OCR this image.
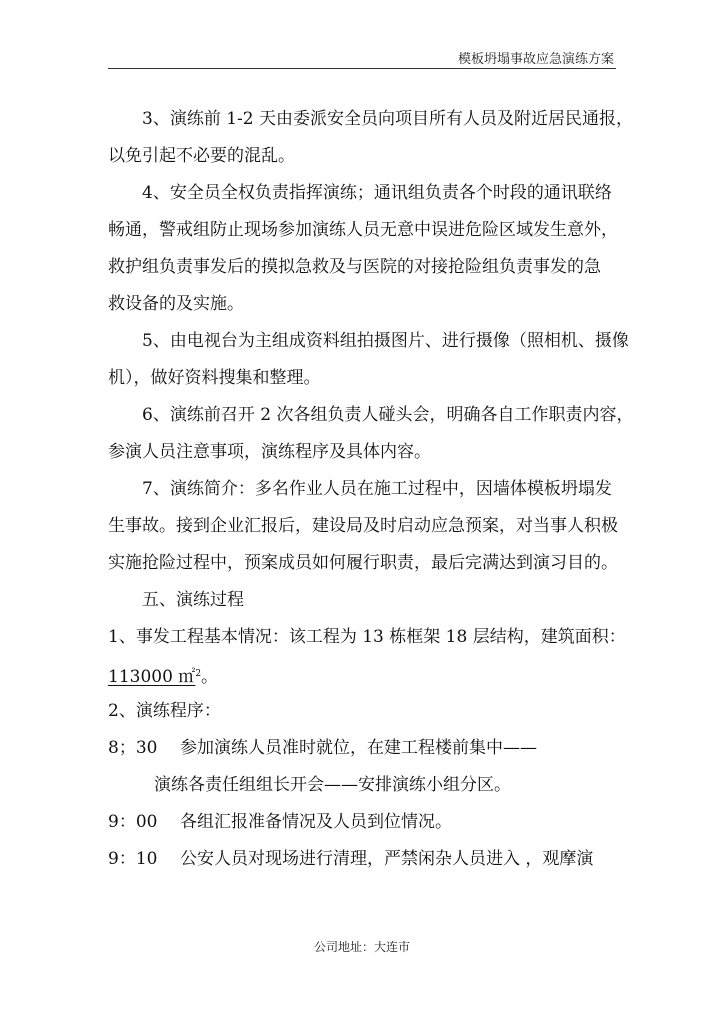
模板坍塌事故应急演练方案
3、演练前 1-2 天由委派安全员向项目所有人员及附近居民通报，
以免引起不必要的混乱。
4、安全员全权负责指挥演练；通讯组负责各个时段的通讯联络
畅通，警戒组防止现场参加演练人员无意中误进危险区域发生意外，
救护组负责事发后的摸拟急救及与医院的对接抢险组负责事发的急
救设备的及实施。
5、由电视台为主组成资料组拍摄图片、进行摄像（照相机、摄像
机），做好资料搜集和整理。
6、演练前召开 2 次各组负责人碰头会，明确各自工作职责内容，
参演人员注意事项，演练程序及具体内容。
7、演练简介：多名作业人员在施工过程中，因墙体模板坍塌发
生事故。接到企业汇报后，建设局及时启动应急预案，对当事人积极
实施抢险过程中，预案成员如何履行职责，最后完满达到演习目的。
五、演练过程
1、事发工程基本情况：该工程为 13 栋框架 18 层结构，建筑面积：
113000 ㎡$^2$。
2、演练程序：
8；30 参加演练人员准时就位，在建工程楼前集中——
演练各责任组组长开会——安排演练小组分区。
9：00 各组汇报准备情况及人员到位情况。
9：10 公安人员对现场进行清理，严禁闲杂人员进入 ，观摩演
公司地址：大连市
